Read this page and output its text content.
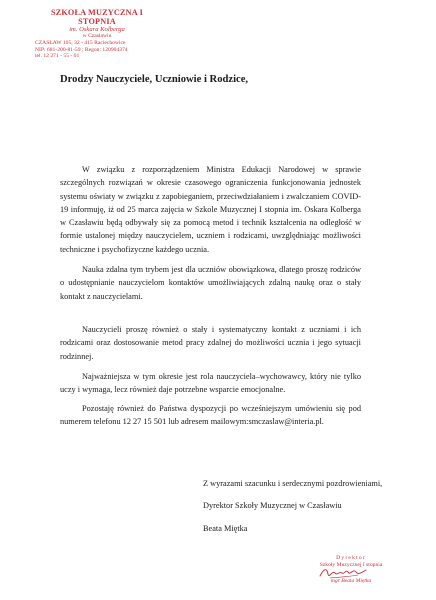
SZKOŁA MUZYCZNA I STOPNIA
im. Oskara Kolberga
w Czasławiu
CZASŁAW 105, 32 - 415 Raciechowice
NIP: 681-200-81-59 ; Regon: 120904374
tel. 12 271 - 55 - 01
Drodzy Nauczyciele, Uczniowie i Rodzice,

W związku z rozporządzeniem Ministra Edukacji Narodowej w sprawie szczególnych rozwiązań w okresie czasowego ograniczenia funkcjonowania jednostek systemu oświaty w związku z zapobieganiem, przeciwdziałaniem i zwalczaniem COVID-19 informuję, iż od 25 marca zajęcia w Szkole Muzycznej I stopnia im. Oskara Kolberga w Czasławiu będą odbywały się za pomocą metod i technik kształcenia na odległość w formie ustalonej między nauczycielem, uczniem i rodzicami, uwzględniając możliwości techniczne i psychofizyczne każdego ucznia.

Nauka zdalna tym trybem jest dla uczniów obowiązkowa, dlatego proszę rodziców o udostępnianie nauczycielom kontaktów umożliwiających zdalną naukę oraz o stały kontakt z nauczycielami.

Nauczycieli proszę również o stały i systematyczny kontakt z uczniami i ich rodzicami oraz dostosowanie metod pracy zdalnej do możliwości ucznia i jego sytuacji rodzinnej.

Najważniejsza w tym okresie jest rola nauczyciela–wychowawcy, który nie tylko uczy i wymaga, lecz również daje potrzebne wsparcie emocjonalne.

Pozostaję również do Państwa dyspozycji po wcześniejszym umówieniu się pod numerem telefonu 12 27 15 501 lub adresem mailowym:smczaslaw@interia.pl.

Z wyrazami szacunku i serdecznymi pozdrowieniami,
Dyrektor Szkoły Muzycznej w Czasławiu
Beata Miętka
Dyrektor
Szkoły Muzycznej I stopnia
mgr Beata Miętka
